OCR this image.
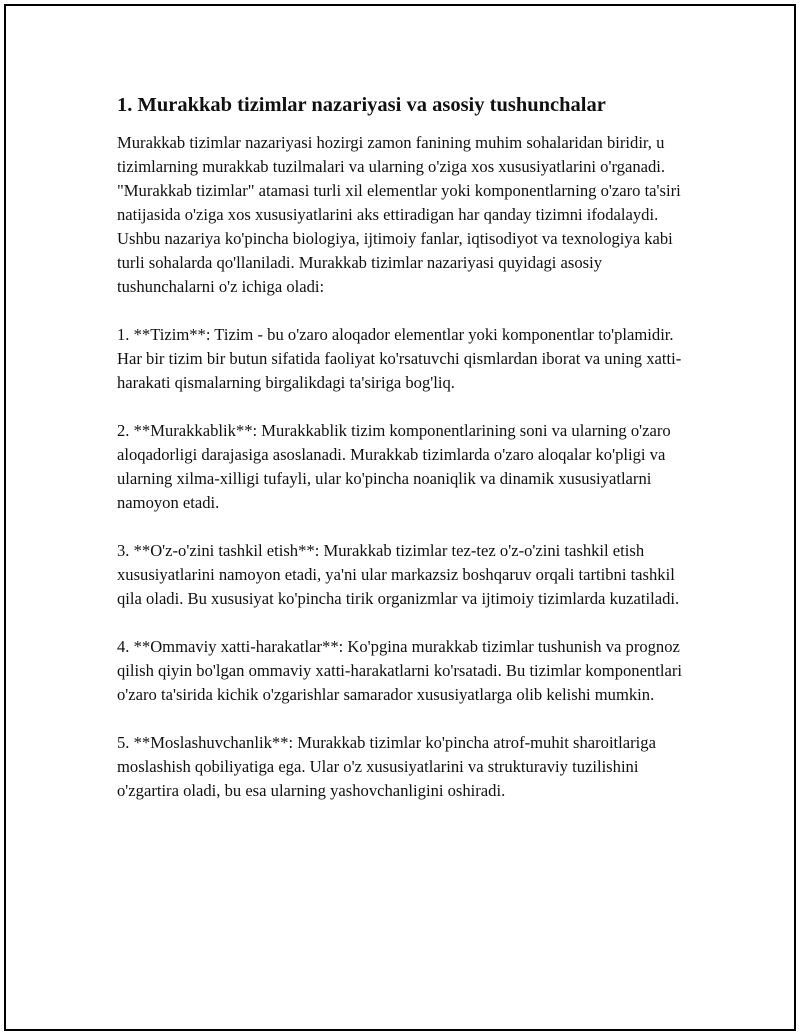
1. Murakkab tizimlar nazariyasi va asosiy tushunchalar

Murakkab tizimlar nazariyasi hozirgi zamon fanining muhim sohalaridan biridir, u tizimlarning murakkab tuzilmalari va ularning o'ziga xos xususiyatlarini o'rganadi. "Murakkab tizimlar" atamasi turli xil elementlar yoki komponentlarning o'zaro ta'siri natijasida o'ziga xos xususiyatlarini aks ettiradigan har qanday tizimni ifodalaydi. Ushbu nazariya ko'pincha biologiya, ijtimoiy fanlar, iqtisodiyot va texnologiya kabi turli sohalarda qo'llaniladi. Murakkab tizimlar nazariyasi quyidagi asosiy tushunchalarni o'z ichiga oladi:

1. **Tizim**: Tizim - bu o'zaro aloqador elementlar yoki komponentlar to'plamidir. Har bir tizim bir butun sifatida faoliyat ko'rsatuvchi qismlardan iborat va uning xatti-harakati qismalarning birgalikdagi ta'siriga bog'liq.

2. **Murakkablik**: Murakkablik tizim komponentlarining soni va ularning o'zaro aloqadorligi darajasiga asoslanadi. Murakkab tizimlarda o'zaro aloqalar ko'pligi va ularning xilma-xilligi tufayli, ular ko'pincha noaniqlik va dinamik xususiyatlarni namoyon etadi.

3. **O'z-o'zini tashkil etish**: Murakkab tizimlar tez-tez o'z-o'zini tashkil etish xususiyatlarini namoyon etadi, ya'ni ular markazsiz boshqaruv orqali tartibni tashkil qila oladi. Bu xususiyat ko'pincha tirik organizmlar va ijtimoiy tizimlarda kuzatiladi.

4. **Ommaviy xatti-harakatlar**: Ko'pgina murakkab tizimlar tushunish va prognoz qilish qiyin bo'lgan ommaviy xatti-harakatlarni ko'rsatadi. Bu tizimlar komponentlari o'zaro ta'sirida kichik o'zgarishlar samarador xususiyatlarga olib kelishi mumkin.

5. **Moslashuvchanlik**: Murakkab tizimlar ko'pincha atrof-muhit sharoitlariga moslashish qobiliyatiga ega. Ular o'z xususiyatlarini va strukturaviy tuzilishini o'zgartira oladi, bu esa ularning yashovchanligini oshiradi.
